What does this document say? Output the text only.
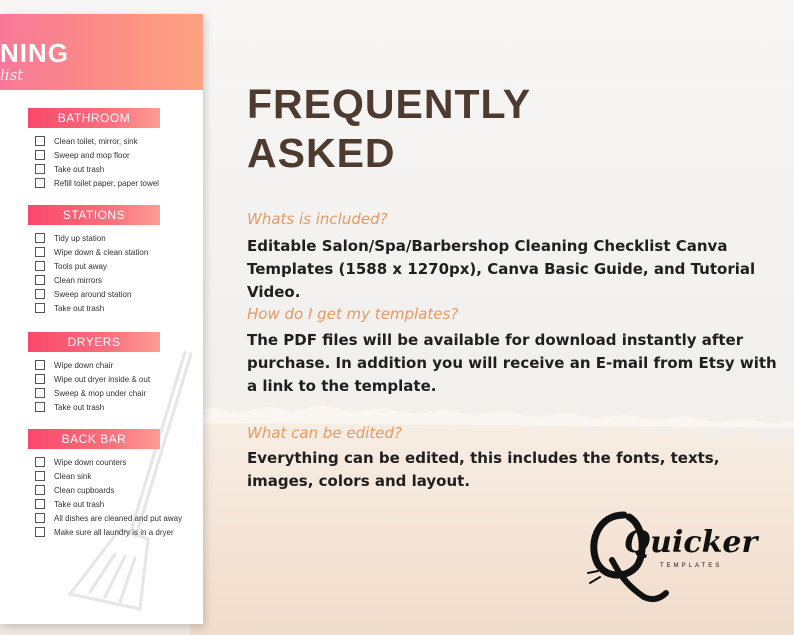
NING
list
BATHROOM
Clean toilet, mirror, sink
Sweep and mop floor
Take out trash
Refill toilet paper, paper towel
STATIONS
Tidy up station
Wipe down & clean station
Tools put away
Clean mirrors
Sweep around station
Take out trash
DRYERS
Wipe down chair
Wipe out dryer inside & out
Sweep & mop under chair
Take out trash
BACK BAR
Wipe down counters
Clean sink
Clean cupboards
Take out trash
All dishes are cleaned and put away
Make sure all laundry is in a dryer
FREQUENTLY
ASKED
Whats is included?
Editable Salon/Spa/Barbershop Cleaning Checklist Canva Templates (1588 x 1270px), Canva Basic Guide, and Tutorial Video.
How do I get my templates?
The PDF files will be available for download instantly after purchase. In addition you will receive an E-mail from Etsy with a link to the template.
What can be edited?
Everything can be edited, this includes the fonts, texts, images, colors and layout.
Quicker
TEMPLATES
